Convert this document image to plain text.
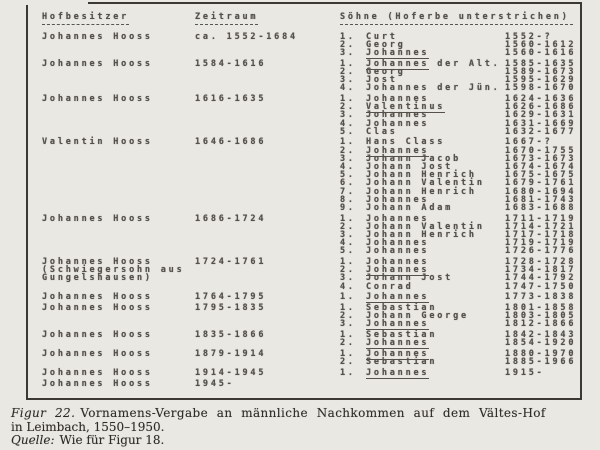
Hofbesitzer	Zeitraum	Söhne (Hoferbe unterstrichen)
Johannes Hooss	ca. 1552-1684	1. Curt	1552-?
2. Georg	1560-1612
3. Johannes	1560-1616
Johannes Hooss	1584-1616	1. Johannes der Alt. 1585-1635
2. Georg	1589-1673
3. Jost	1595-1629
4. Johannes der Jün. 1598-1670
Johannes Hooss	1616-1635	1. Johannes	1624-1636
2. Valentinus	1626-1686
3. Johannes	1629-1631
4. Johannes	1631-1669
5. Clas	1632-1677
Valentin Hooss	1646-1686	1. Hans Class	1667-?
2. Johannes	1670-1755
3. Johann Jacob	1673-1673
4. Johann Jost	1674-1674
5. Johann Henrich	1675-1675
6. Johann Valentin 1679-1761
7. Johann Henrich	1680-1694
8. Johannes	1681-1743
9. Johann Adam	1683-1688
Johannes Hooss	1686-1724	1. Johannes	1711-1719
2. Johann Valentin 1714-1721
3. Johann Henrich	1717-1718
4. Johannes	1719-1719
5. Johannes	1726-1776
Johannes Hooss
(Schwiegersohn aus
Gungelshausen)
1724-1761	1. Johannes	1728-1728
2. Johannes	1734-1817
3. Johann Jost	1744-1792
4. Conrad	1747-1750
Johannes Hooss	1764-1795	1. Johannes	1773-1838
Johannes Hooss	1795-1835	1. Sebastian	1801-1858
2. Johann George	1803-1805
3. Johannes	1812-1866
Johannes Hooss	1835-1866	1. Sebastian	1842-1843
2. Johannes	1854-1920
Johannes Hooss	1879-1914	1. Johannes	1880-1970
2. Sebastian	1885-1966
Johannes Hooss	1914-1945	1. Johannes	1915-
Johannes Hooss	1945-
Figur 22. Vornamens-Vergabe an männliche Nachkommen auf dem Vältes-Hof
in Leimbach, 1550–1950.
Quelle: Wie für Figur 18.
